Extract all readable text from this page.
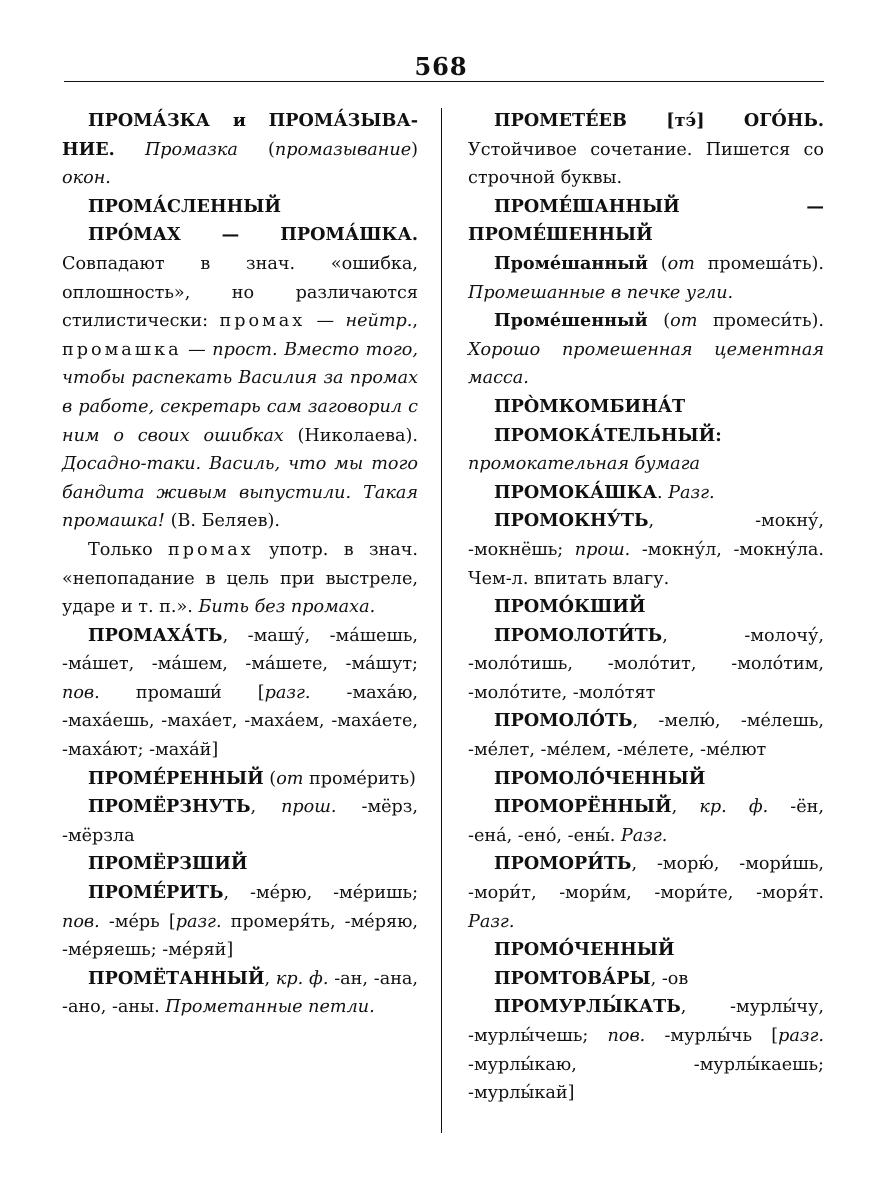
568

ПРОМА́ЗКА и ПРОМА́ЗЫВА-НИЕ. Промазка (промазывание) окон.

ПРОМА́СЛЕННЫЙ

ПРО́МАХ — ПРОМА́ШКА. Совпадают в знач. «ошибка, оплошность», но различаются стилистически: промах — нейтр., промашка — прост. Вместо того, чтобы распекать Василия за промах в работе, секретарь сам заговорил с ним о своих ошибках (Николаева). Досадно-таки. Василь, что мы того бандита живым выпустили. Такая промашка! (В. Беляев).

Только промах употр. в знач. «непопадание в цель при выстреле, ударе и т. п.». Бить без промаха.

ПРОМАХА́ТЬ, -машу́, -ма́шешь, -ма́шет, -ма́шем, -ма́шете, -ма́шут; пов. промаши́ [разг. -маха́ю, -маха́ешь, -маха́ет, -маха́ем, -маха́ете, -маха́ют; -маха́й]

ПРОМЕ́РЕННЫЙ (от проме́рить)

ПРОМЁРЗНУТЬ, прош. -мёрз, -мёрзла

ПРОМЁРЗШИЙ

ПРОМЕ́РИТЬ, -ме́рю, -ме́ришь; пов. -ме́рь [разг. промеря́ть, -ме́ряю, -ме́ряешь; -ме́ряй]

ПРОМЁТАННЫЙ, кр. ф. -ан, -ана, -ано, -аны. Прометанные петли.

ПРОМЕТЕ́ЕВ [тэ́] ОГО́НЬ. Устойчивое сочетание. Пишется со строчной буквы.

ПРОМЕ́ШАННЫЙ — ПРОМЕ́ШЕННЫЙ

Проме́шанный (от промеша́ть). Промешанные в печке угли.

Проме́шенный (от промеси́ть). Хорошо промешенная цементная масса.

ПРО̀МКОМБИНА́Т

ПРОМОКА́ТЕЛЬНЫЙ: промокательная бумага

ПРОМОКА́ШКА. Разг.

ПРОМОКНУ́ТЬ, -мокну́, -мокнёшь; прош. -мокну́л, -мокну́ла. Чем-л. впитать влагу.

ПРОМО́КШИЙ

ПРОМОЛОТИ́ТЬ, -молочу́, -моло́тишь, -моло́тит, -моло́тим, -моло́тите, -моло́тят

ПРОМОЛО́ТЬ, -мелю́, -ме́лешь, -ме́лет, -ме́лем, -ме́лете, -ме́лют

ПРОМОЛО́ЧЕННЫЙ

ПРОМОРЁННЫЙ, кр. ф. -ён, -ена́, -ено́, -ены́. Разг.

ПРОМОРИ́ТЬ, -морю́, -мори́шь, -мори́т, -мори́м, -мори́те, -моря́т. Разг.

ПРОМО́ЧЕННЫЙ

ПРОМТОВА́РЫ, -ов

ПРОМУРЛЫ́КАТЬ, -мурлы́чу, -мурлы́чешь; пов. -мурлы́чь [разг. -мурлы́каю, -мурлы́каешь; -мурлы́кай]
